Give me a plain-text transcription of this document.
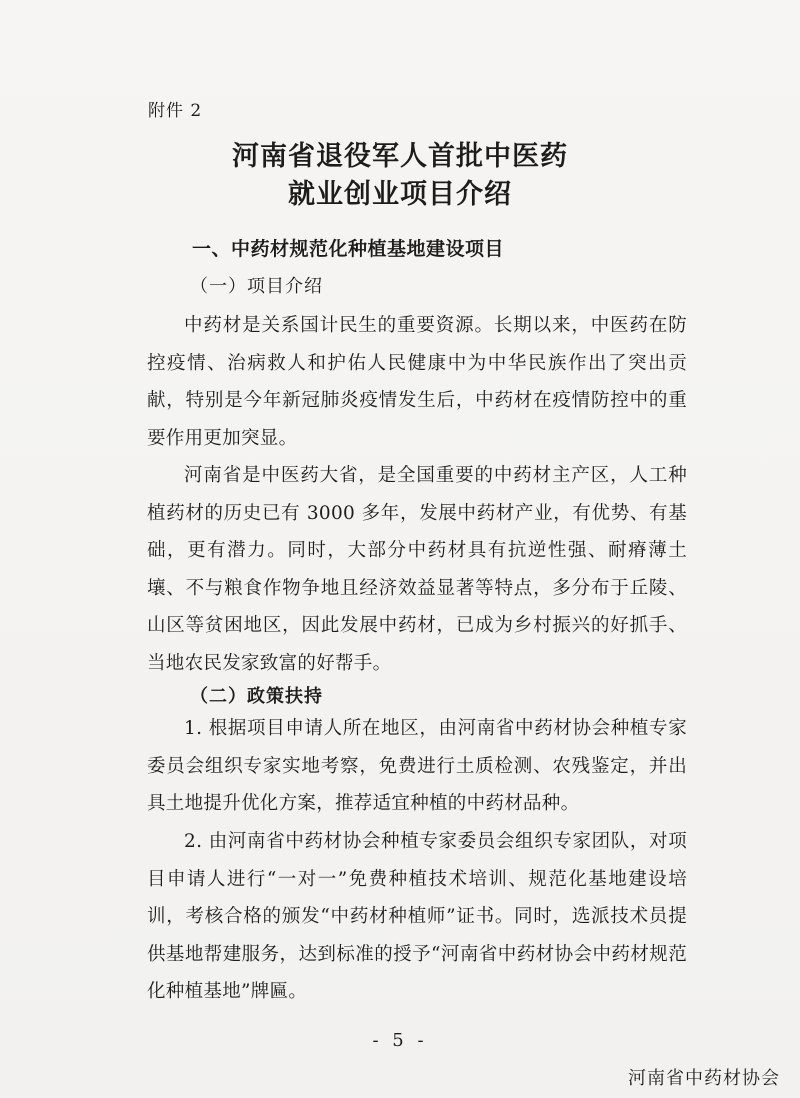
附件 2
河南省退役军人首批中医药
就业创业项目介绍
一、中药材规范化种植基地建设项目
（一）项目介绍

中药材是关系国计民生的重要资源。长期以来，中医药在防控疫情、治病救人和护佑人民健康中为中华民族作出了突出贡献，特别是今年新冠肺炎疫情发生后，中药材在疫情防控中的重要作用更加突显。

河南省是中医药大省，是全国重要的中药材主产区，人工种植药材的历史已有 3000 多年，发展中药材产业，有优势、有基础，更有潜力。同时，大部分中药材具有抗逆性强、耐瘠薄土壤、不与粮食作物争地且经济效益显著等特点，多分布于丘陵、山区等贫困地区，因此发展中药材，已成为乡村振兴的好抓手、当地农民发家致富的好帮手。

（二）政策扶持

1. 根据项目申请人所在地区，由河南省中药材协会种植专家委员会组织专家实地考察，免费进行土质检测、农残鉴定，并出具土地提升优化方案，推荐适宜种植的中药材品种。

2. 由河南省中药材协会种植专家委员会组织专家团队，对项目申请人进行“一对一”免费种植技术培训、规范化基地建设培训，考核合格的颁发“中药材种植师”证书。同时，选派技术员提供基地帮建服务，达到标准的授予“河南省中药材协会中药材规范化种植基地”牌匾。

- 5 -
河南省中药材协会
